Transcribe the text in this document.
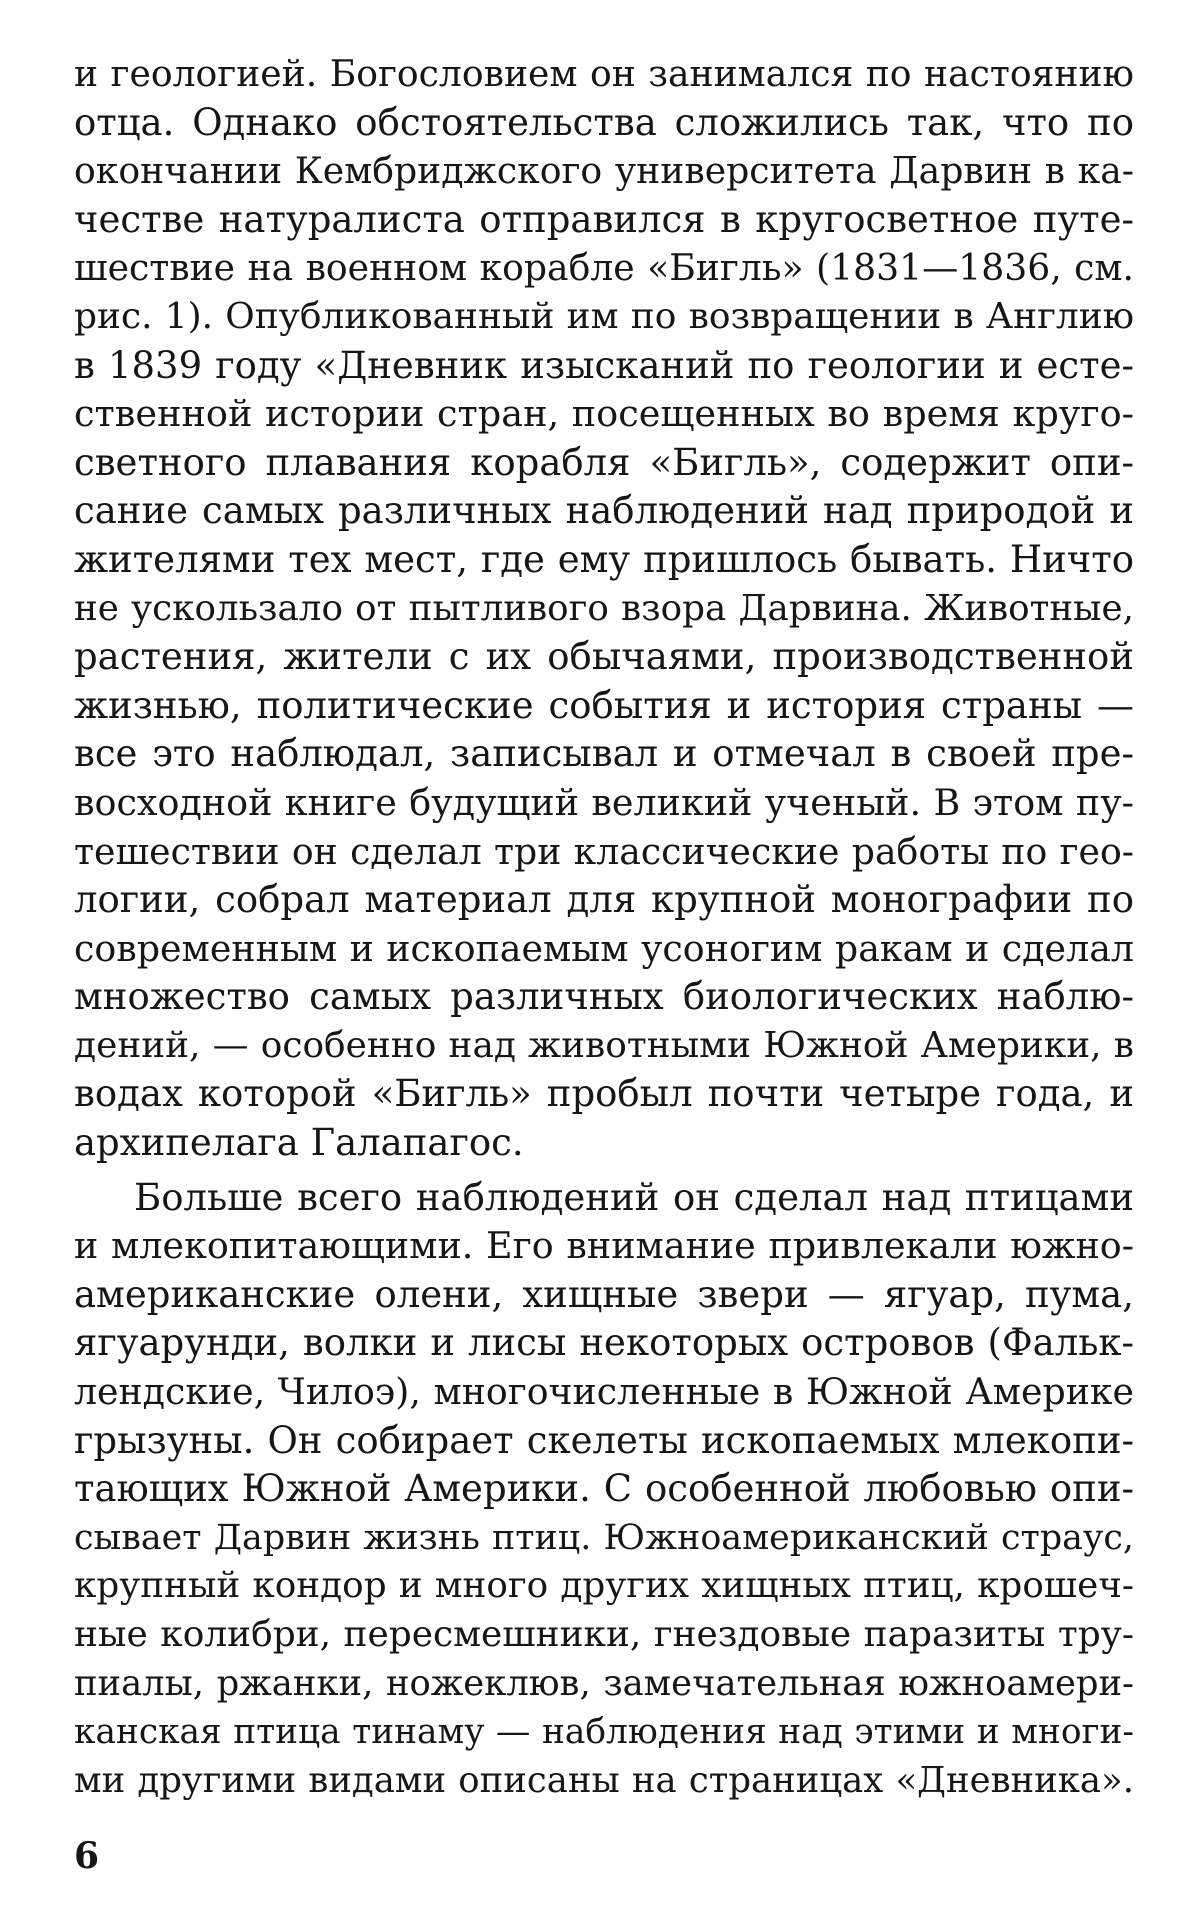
и геологией. Богословием он занимался по настоянию
отца. Однако обстоятельства сложились так, что по
окончании Кембриджского университета Дарвин в ка-
честве натуралиста отправился в кругосветное путе-
шествие на военном корабле «Бигль» (1831—1836, см.
рис. 1). Опубликованный им по возвращении в Англию
в 1839 году «Дневник изысканий по геологии и есте-
ственной истории стран, посещенных во время круго-
светного плавания корабля «Бигль», содержит опи-
сание самых различных наблюдений над природой и
жителями тех мест, где ему пришлось бывать. Ничто
не ускользало от пытливого взора Дарвина. Животные,
растения, жители с их обычаями, производственной
жизнью, политические события и история страны —
все это наблюдал, записывал и отмечал в своей пре-
восходной книге будущий великий ученый. В этом пу-
тешествии он сделал три классические работы по гео-
логии, собрал материал для крупной монографии по
современным и ископаемым усоногим ракам и сделал
множество самых различных биологических наблю-
дений, — особенно над животными Южной Америки, в
водах которой «Бигль» пробыл почти четыре года, и
архипелага Галапагос.
Больше всего наблюдений он сделал над птицами
и млекопитающими. Его внимание привлекали южно-
американские олени, хищные звери — ягуар, пума,
ягуарунди, волки и лисы некоторых островов (Фальк-
лендские, Чилоэ), многочисленные в Южной Америке
грызуны. Он собирает скелеты ископаемых млекопи-
тающих Южной Америки. С особенной любовью опи-
сывает Дарвин жизнь птиц. Южноамериканский страус,
крупный кондор и много других хищных птиц, крошеч-
ные колибри, пересмешники, гнездовые паразиты тру-
пиалы, ржанки, ножеклюв, замечательная южноамери-
канская птица тинаму — наблюдения над этими и многи-
ми другими видами описаны на страницах «Дневника».
6
